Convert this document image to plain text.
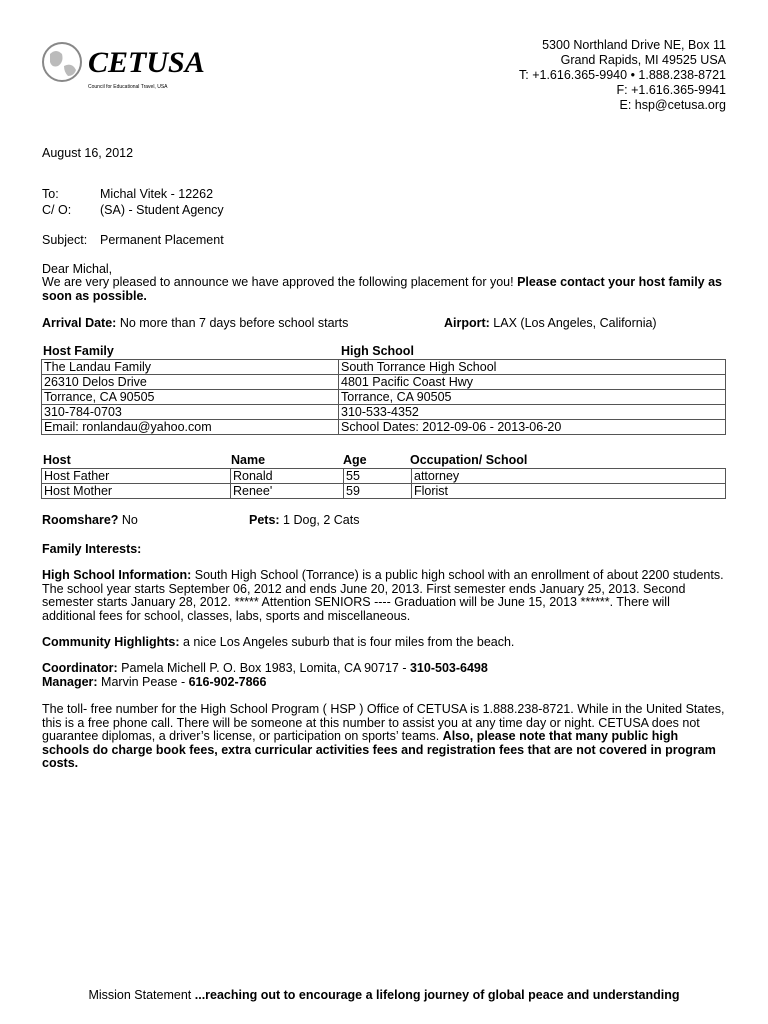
CETUSA
Council for Educational Travel, USA
5300 Northland Drive NE, Box 11
Grand Rapids, MI 49525 USA
T: +1.616.365-9940 • 1.888.238-8721
F: +1.616.365-9941
E: hsp@cetusa.org
August 16, 2012
To:	Michal Vitek - 12262
C/ O: (SA) - Student Agency
Subject: Permanent Placement
Dear Michal,
We are very pleased to announce we have approved the following placement for you! Please contact your host family as soon as possible.
Arrival Date: No more than 7 days before school starts	Airport: LAX (Los Angeles, California)
Host Family	High School
The Landau Family	South Torrance High School
26310 Delos Drive	4801 Pacific Coast Hwy
Torrance, CA 90505	Torrance, CA 90505
310-784-0703	310-533-4352
Email: ronlandau@yahoo.com	School Dates: 2012-09-06 - 2013-06-20
Host	Name	Age	Occupation/ School
Host Father	Ronald	55	attorney
Host Mother	Renee'	59	Florist
Roomshare? No	Pets: 1 Dog, 2 Cats
Family Interests:
High School Information: South High School (Torrance) is a public high school with an enrollment of about 2200 students. The school year starts September 06, 2012 and ends June 20, 2013. First semester ends January 25, 2013. Second semester starts January 28, 2012. ***** Attention SENIORS ---- Graduation will be June 15, 2013 ******. There will additional fees for school, classes, labs, sports and miscellaneous.
Community Highlights: a nice Los Angeles suburb that is four miles from the beach.
Coordinator: Pamela Michell P. O. Box 1983, Lomita, CA 90717 - 310-503-6498
Manager: Marvin Pease - 616-902-7866
The toll- free number for the High School Program ( HSP ) Office of CETUSA is 1.888.238-8721. While in the United States, this is a free phone call. There will be someone at this number to assist you at any time day or night. CETUSA does not guarantee diplomas, a driver’s license, or participation on sports’ teams. Also, please note that many public high schools do charge book fees, extra curricular activities fees and registration fees that are not covered in program costs.
Mission Statement ...reaching out to encourage a lifelong journey of global peace and understanding
